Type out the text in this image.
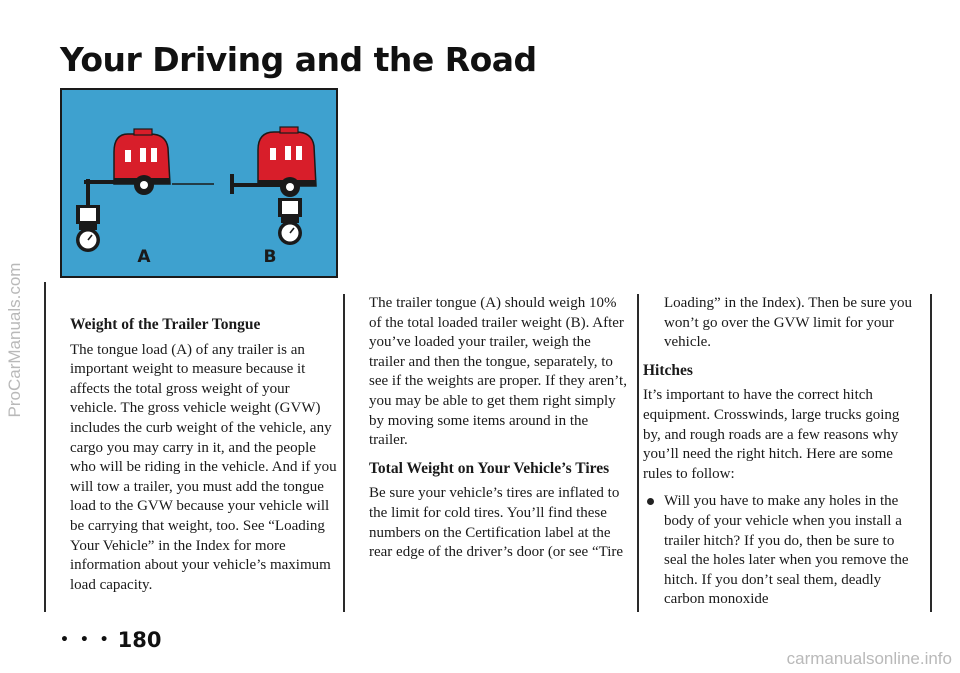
ProCarManuals.com
Your Driving and the Road
A	B
Weight of the Trailer Tongue

The tongue load (A) of any trailer is an important weight to measure because it affects the total gross weight of your vehicle. The gross vehicle weight (GVW) includes the curb weight of the vehicle, any cargo you may carry in it, and the people who will be riding in the vehicle. And if you will tow a trailer, you must add the tongue load to the GVW because your vehicle will be carrying that weight, too. See “Loading Your Vehicle” in the Index for more information about your vehicle’s maximum load capacity.

The trailer tongue (A) should weigh 10% of the total loaded trailer weight (B). After you’ve loaded your trailer, weigh the trailer and then the tongue, separately, to see if the weights are proper. If they aren’t, you may be able to get them right simply by moving some items around in the trailer.

Total Weight on Your Vehicle’s Tires

Be sure your vehicle’s tires are inflated to the limit for cold tires. You’ll find these numbers on the Certification label at the rear edge of the driver’s door (or see “Tire

Loading” in the Index). Then be sure you won’t go over the GVW limit for your vehicle.

Hitches

It’s important to have the correct hitch equipment. Crosswinds, large trucks going by, and rough roads are a few reasons why you’ll need the right hitch. Here are some rules to follow:

Will you have to make any holes in the body of your vehicle when you install a trailer hitch? If you do, then be sure to seal the holes later when you remove the hitch. If you don’t seal them, deadly carbon monoxide
• • • 180
carmanualsonline.info
